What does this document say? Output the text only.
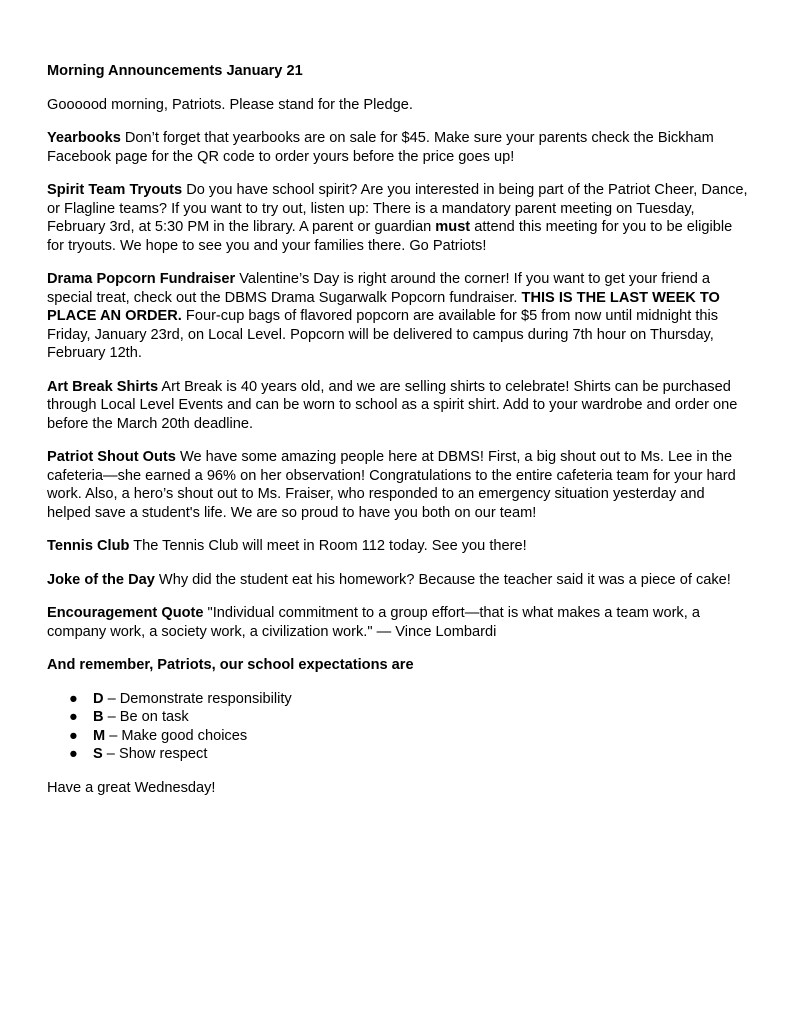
Morning Announcements January 21

Goooood morning, Patriots. Please stand for the Pledge.

Yearbooks Don’t forget that yearbooks are on sale for $45. Make sure your parents check the Bickham Facebook page for the QR code to order yours before the price goes up!

Spirit Team Tryouts Do you have school spirit? Are you interested in being part of the Patriot Cheer, Dance, or Flagline teams? If you want to try out, listen up: There is a mandatory parent meeting on Tuesday, February 3rd, at 5:30 PM in the library. A parent or guardian must attend this meeting for you to be eligible for tryouts. We hope to see you and your families there. Go Patriots!

Drama Popcorn Fundraiser Valentine’s Day is right around the corner! If you want to get your friend a special treat, check out the DBMS Drama Sugarwalk Popcorn fundraiser. THIS IS THE LAST WEEK TO PLACE AN ORDER. Four-cup bags of flavored popcorn are available for $5 from now until midnight this Friday, January 23rd, on Local Level. Popcorn will be delivered to campus during 7th hour on Thursday, February 12th.

Art Break Shirts Art Break is 40 years old, and we are selling shirts to celebrate! Shirts can be purchased through Local Level Events and can be worn to school as a spirit shirt. Add to your wardrobe and order one before the March 20th deadline.

Patriot Shout Outs We have some amazing people here at DBMS! First, a big shout out to Ms. Lee in the cafeteria—she earned a 96% on her observation! Congratulations to the entire cafeteria team for your hard work. Also, a hero’s shout out to Ms. Fraiser, who responded to an emergency situation yesterday and helped save a student's life. We are so proud to have you both on our team!

Tennis Club The Tennis Club will meet in Room 112 today. See you there!

Joke of the Day Why did the student eat his homework? Because the teacher said it was a piece of cake!

Encouragement Quote "Individual commitment to a group effort—that is what makes a team work, a company work, a society work, a civilization work." — Vince Lombardi

And remember, Patriots, our school expectations are

● D – Demonstrate responsibility
● B – Be on task
● M – Make good choices
● S – Show respect

Have a great Wednesday!
